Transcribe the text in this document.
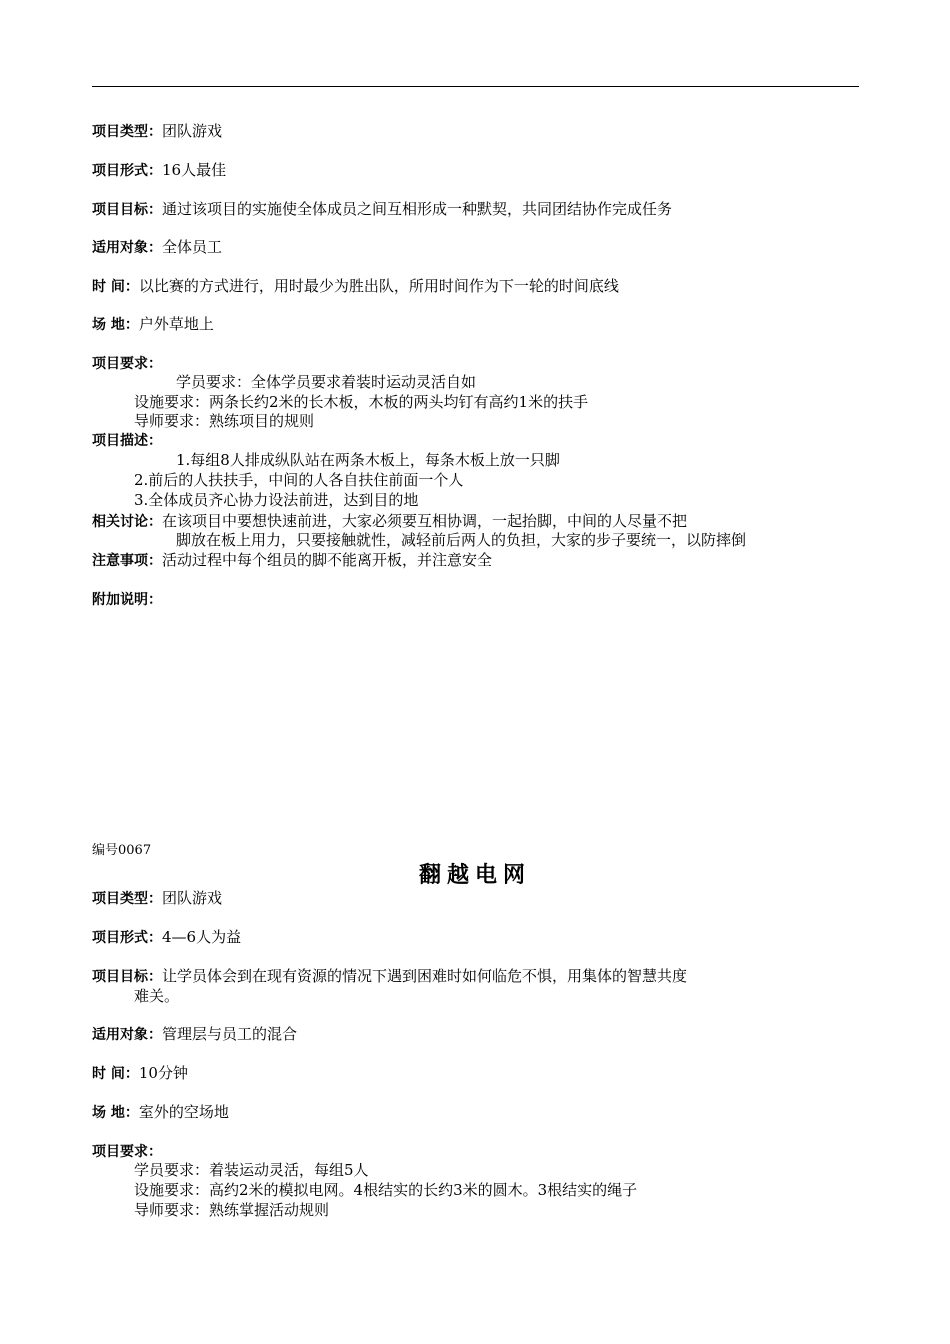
项目类型：团队游戏
项目形式：16人最佳
项目目标：通过该项目的实施使全体成员之间互相形成一种默契，共同团结协作完成任务
适用对象：全体员工
时 间：以比赛的方式进行，用时最少为胜出队，所用时间作为下一轮的时间底线
场 地：户外草地上
项目要求：
学员要求：全体学员要求着装时运动灵活自如
设施要求：两条长约2米的长木板，木板的两头均钉有高约1米的扶手
导师要求：熟练项目的规则
项目描述：
1.每组8人排成纵队站在两条木板上，每条木板上放一只脚
2.前后的人扶扶手，中间的人各自扶住前面一个人
3.全体成员齐心协力设法前进，达到目的地
相关讨论：在该项目中要想快速前进，大家必须要互相协调，一起抬脚，中间的人尽量不把
脚放在板上用力，只要接触就性，减轻前后两人的负担，大家的步子要统一，以防摔倒
注意事项：活动过程中每个组员的脚不能离开板，并注意安全
附加说明：
编号0067
翻越电网
项目类型：团队游戏
项目形式：4—6人为益
项目目标：让学员体会到在现有资源的情况下遇到困难时如何临危不惧，用集体的智慧共度
难关。
适用对象：管理层与员工的混合
时 间：10分钟
场 地：室外的空场地
项目要求：
学员要求：着装运动灵活，每组5人
设施要求：高约2米的模拟电网。4根结实的长约3米的圆木。3根结实的绳子
导师要求：熟练掌握活动规则
